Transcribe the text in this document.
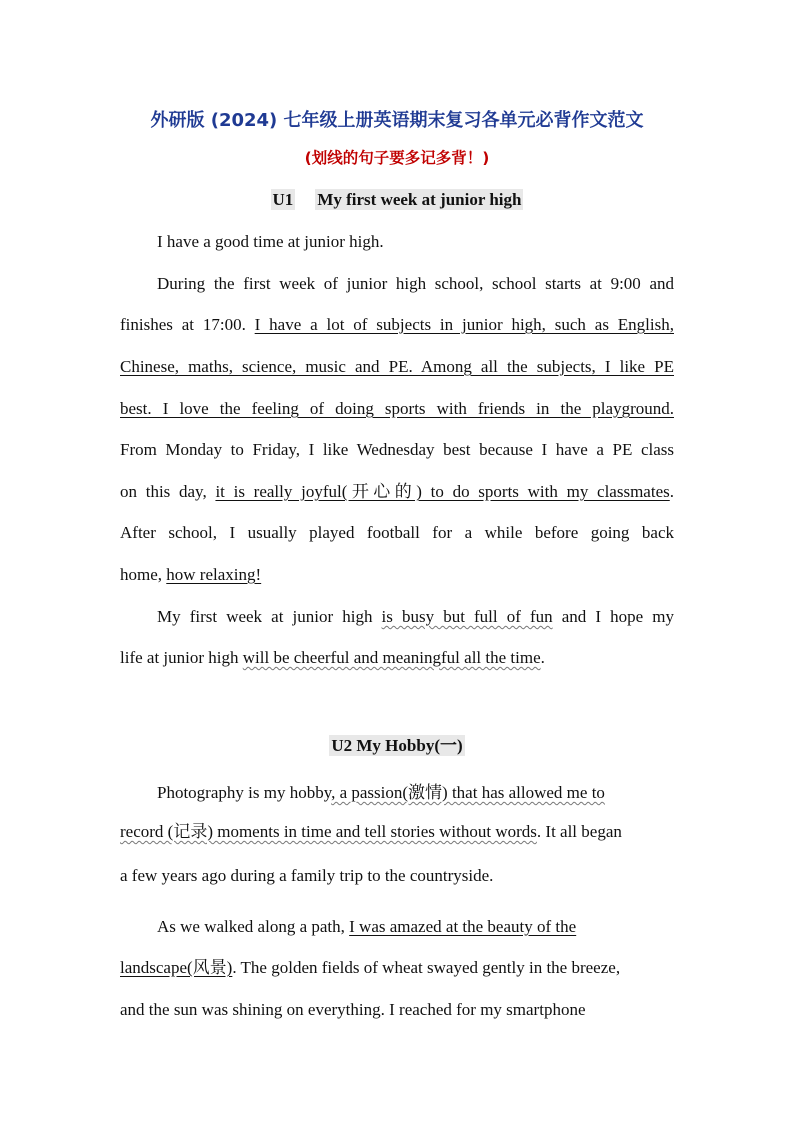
外研版 (2024) 七年级上册英语期末复习各单元必背作文范文
(划线的句子要多记多背！)
U1 My first week at junior high
I have a good time at junior high.
During the first week of junior high school, school starts at 9:00 and
finishes at 17:00. I have a lot of subjects in junior high, such as English,
Chinese, maths, science, music and PE. Among all the subjects, I like PE
best. I love the feeling of doing sports with friends in the playground.
From Monday to Friday, I like Wednesday best because I have a PE class
on this day, it is really joyful(开心的) to do sports with my classmates.
After school, I usually played football for a while before going back
home, how relaxing!
My first week at junior high is busy but full of fun and I hope my
life at junior high will be cheerful and meaningful all the time.
U2 My Hobby(一)
Photography is my hobby, a passion(激情) that has allowed me to
record (记录) moments in time and tell stories without words. It all began
a few years ago during a family trip to the countryside.
As we walked along a path, I was amazed at the beauty of the
landscape(风景). The golden fields of wheat swayed gently in the breeze,
and the sun was shining on everything. I reached for my smartphone
